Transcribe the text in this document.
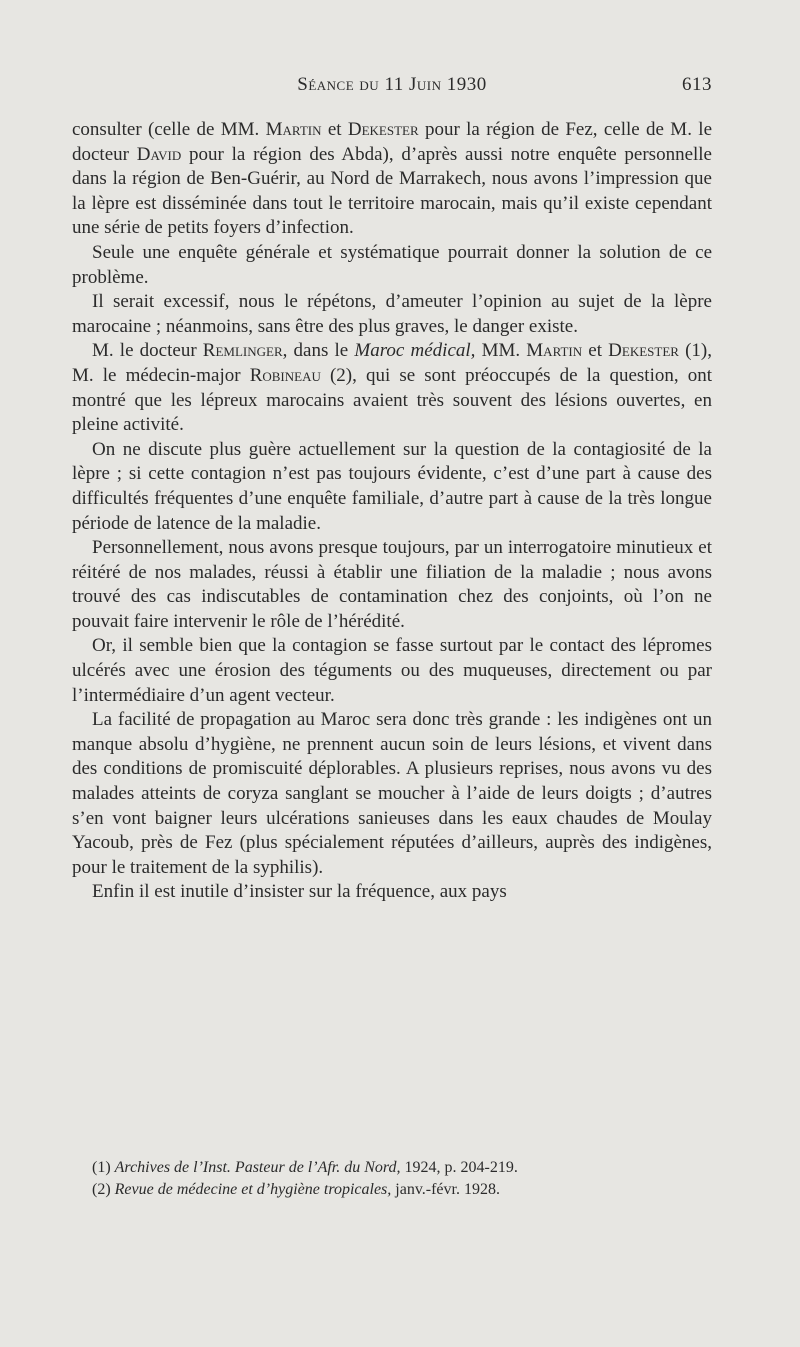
Séance du 11 Juin 1930	613

consulter (celle de MM. Martin et Dekester pour la région de Fez, celle de M. le docteur David pour la région des Abda), d’après aussi notre enquête personnelle dans la région de Ben-Guérir, au Nord de Marrakech, nous avons l’impression que la lèpre est disséminée dans tout le territoire marocain, mais qu’il existe cependant une série de petits foyers d’infection.

Seule une enquête générale et systématique pourrait donner la solution de ce problème.

Il serait excessif, nous le répétons, d’ameuter l’opinion au sujet de la lèpre marocaine ; néanmoins, sans être des plus graves, le danger existe.

M. le docteur Remlinger, dans le Maroc médical, MM. Martin et Dekester (1), M. le médecin-major Robineau (2), qui se sont préoccupés de la question, ont montré que les lépreux marocains avaient très souvent des lésions ouvertes, en pleine activité.

On ne discute plus guère actuellement sur la question de la contagiosité de la lèpre ; si cette contagion n’est pas toujours évidente, c’est d’une part à cause des difficultés fréquentes d’une enquête familiale, d’autre part à cause de la très longue période de latence de la maladie.

Personnellement, nous avons presque toujours, par un interrogatoire minutieux et réitéré de nos malades, réussi à établir une filiation de la maladie ; nous avons trouvé des cas indiscutables de contamination chez des conjoints, où l’on ne pouvait faire intervenir le rôle de l’hérédité.

Or, il semble bien que la contagion se fasse surtout par le contact des lépromes ulcérés avec une érosion des téguments ou des muqueuses, directement ou par l’intermédiaire d’un agent vecteur.

La facilité de propagation au Maroc sera donc très grande : les indigènes ont un manque absolu d’hygiène, ne prennent aucun soin de leurs lésions, et vivent dans des conditions de promiscuité déplorables. A plusieurs reprises, nous avons vu des malades atteints de coryza sanglant se moucher à l’aide de leurs doigts ; d’autres s’en vont baigner leurs ulcérations sanieuses dans les eaux chaudes de Moulay Yacoub, près de Fez (plus spécialement réputées d’ailleurs, auprès des indigènes, pour le traitement de la syphilis).

Enfin il est inutile d’insister sur la fréquence, aux pays

(1) Archives de l’Inst. Pasteur de l’Afr. du Nord, 1924, p. 204-219.
(2) Revue de médecine et d’hygiène tropicales, janv.-févr. 1928.
